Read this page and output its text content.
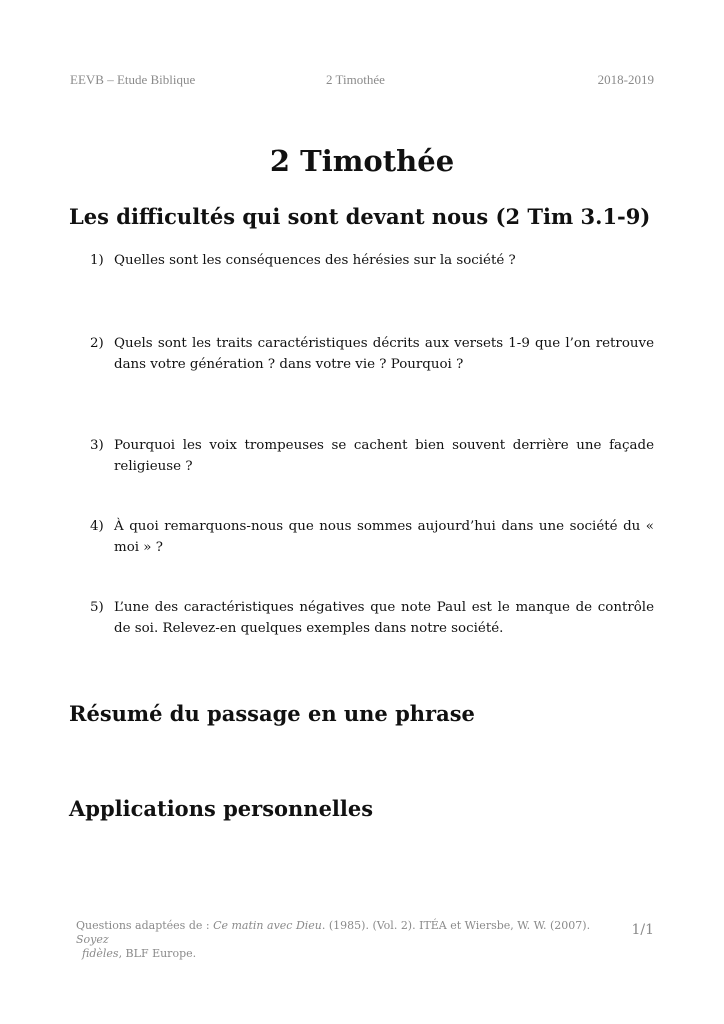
EEVB – Etude Biblique	2 Timothée	2018-2019
2 Timothée
Les difficultés qui sont devant nous (2 Tim 3.1-9)
1) Quelles sont les conséquences des hérésies sur la société ?
2) Quels sont les traits caractéristiques décrits aux versets 1-9 que l’on retrouve dans votre génération ? dans votre vie ? Pourquoi ?
3) Pourquoi les voix trompeuses se cachent bien souvent derrière une façade religieuse ?
4) À quoi remarquons-nous que nous sommes aujourd’hui dans une société du « moi » ?
5) L’une des caractéristiques négatives que note Paul est le manque de contrôle de soi. Relevez-en quelques exemples dans notre société.
Résumé du passage en une phrase
Applications personnelles
Questions adaptées de : Ce matin avec Dieu. (1985). (Vol. 2). ITÉA et Wiersbe, W. W. (2007). Soyez
fidèles, BLF Europe.
1/1
